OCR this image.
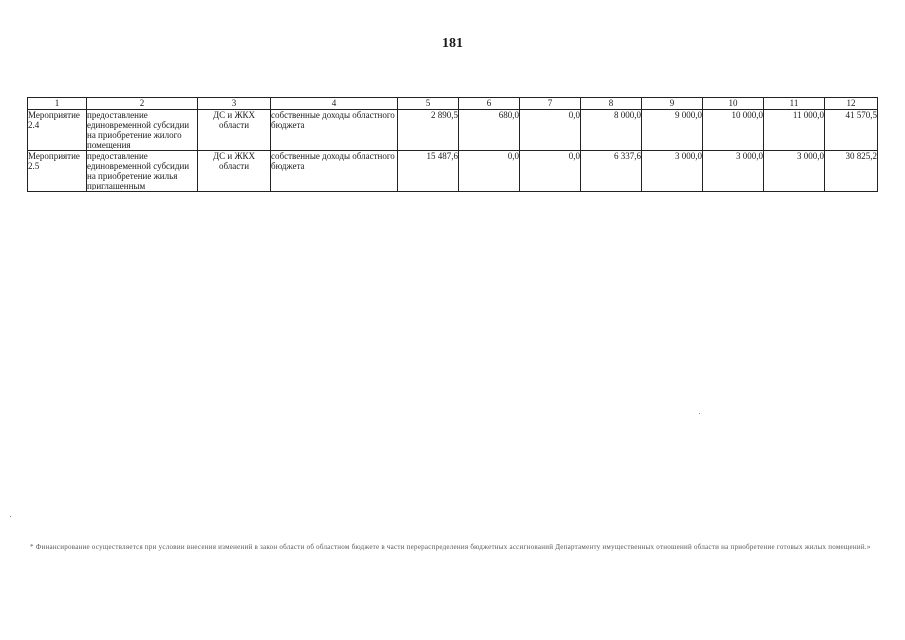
181
1	2	3	4	5	6	7	8	9	10	11	12
Мероприятие 2.4	предоставление единовременной субсидии на приобретение жилого помещения	ДС и ЖКХ области	собственные доходы областного бюджета	2 890,5	680,0	0,0	8 000,0	9 000,0	10 000,0	11 000,0	41 570,5
Мероприятие 2.5	предоставление единовременной субсидии на приобретение жилья приглашенным	ДС и ЖКХ области	собственные доходы областного бюджета	15 487,6	0,0	0,0	6 337,6	3 000,0	3 000,0	3 000,0	30 825,2
* Финансирование осуществляется при условии внесения изменений в закон области об областном бюджете в части перераспределения бюджетных ассигнований Департаменту имущественных отношений области на приобретение готовых жилых помещений.»
